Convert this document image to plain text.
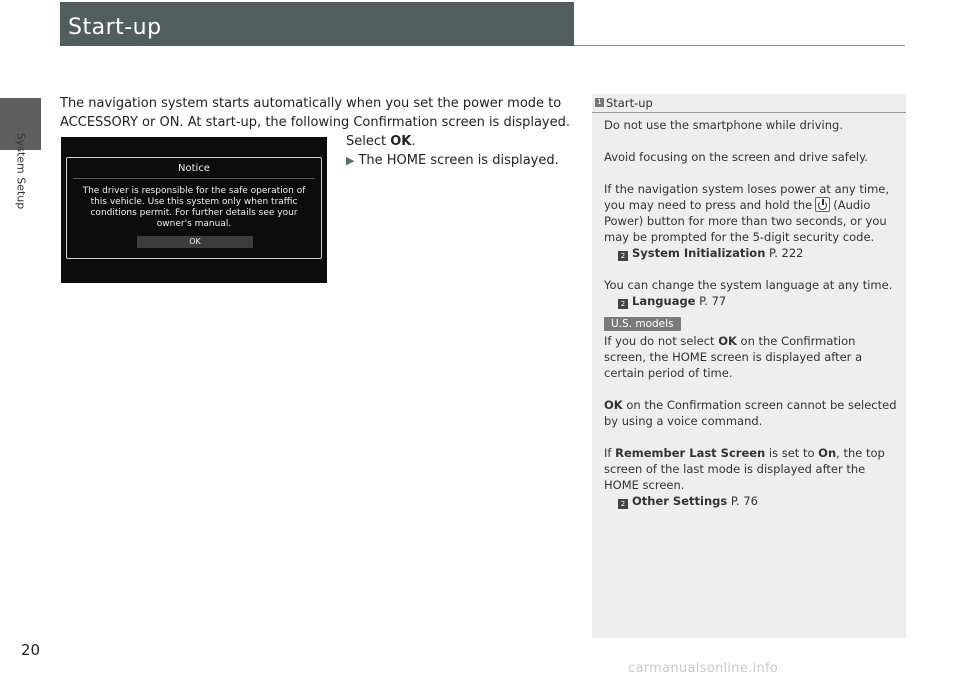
System Setup
Start-up
The navigation system starts automatically when you set the power mode to ACCESSORY or ON. At start-up, the following Confirmation screen is displayed.
Select OK.
▶ The HOME screen is displayed.
Notice
The driver is responsible for the safe operation of this vehicle. Use this system only when traffic conditions permit. For further details see your owner's manual.
OK
1 Start-up

Do not use the smartphone while driving.

Avoid focusing on the screen and drive safely.

If the navigation system loses power at any time, you may need to press and hold the (Audio Power) button for more than two seconds, or you may be prompted for the 5-digit security code.

2 System Initialization P. 222

You can change the system language at any time.

2 Language P. 77

U.S. models

If you do not select OK on the Confirmation screen, the HOME screen is displayed after a certain period of time.

OK on the Confirmation screen cannot be selected by using a voice command.

If Remember Last Screen is set to On, the top screen of the last mode is displayed after the HOME screen.

2 Other Settings P. 76

20
carmanualsonline.info
